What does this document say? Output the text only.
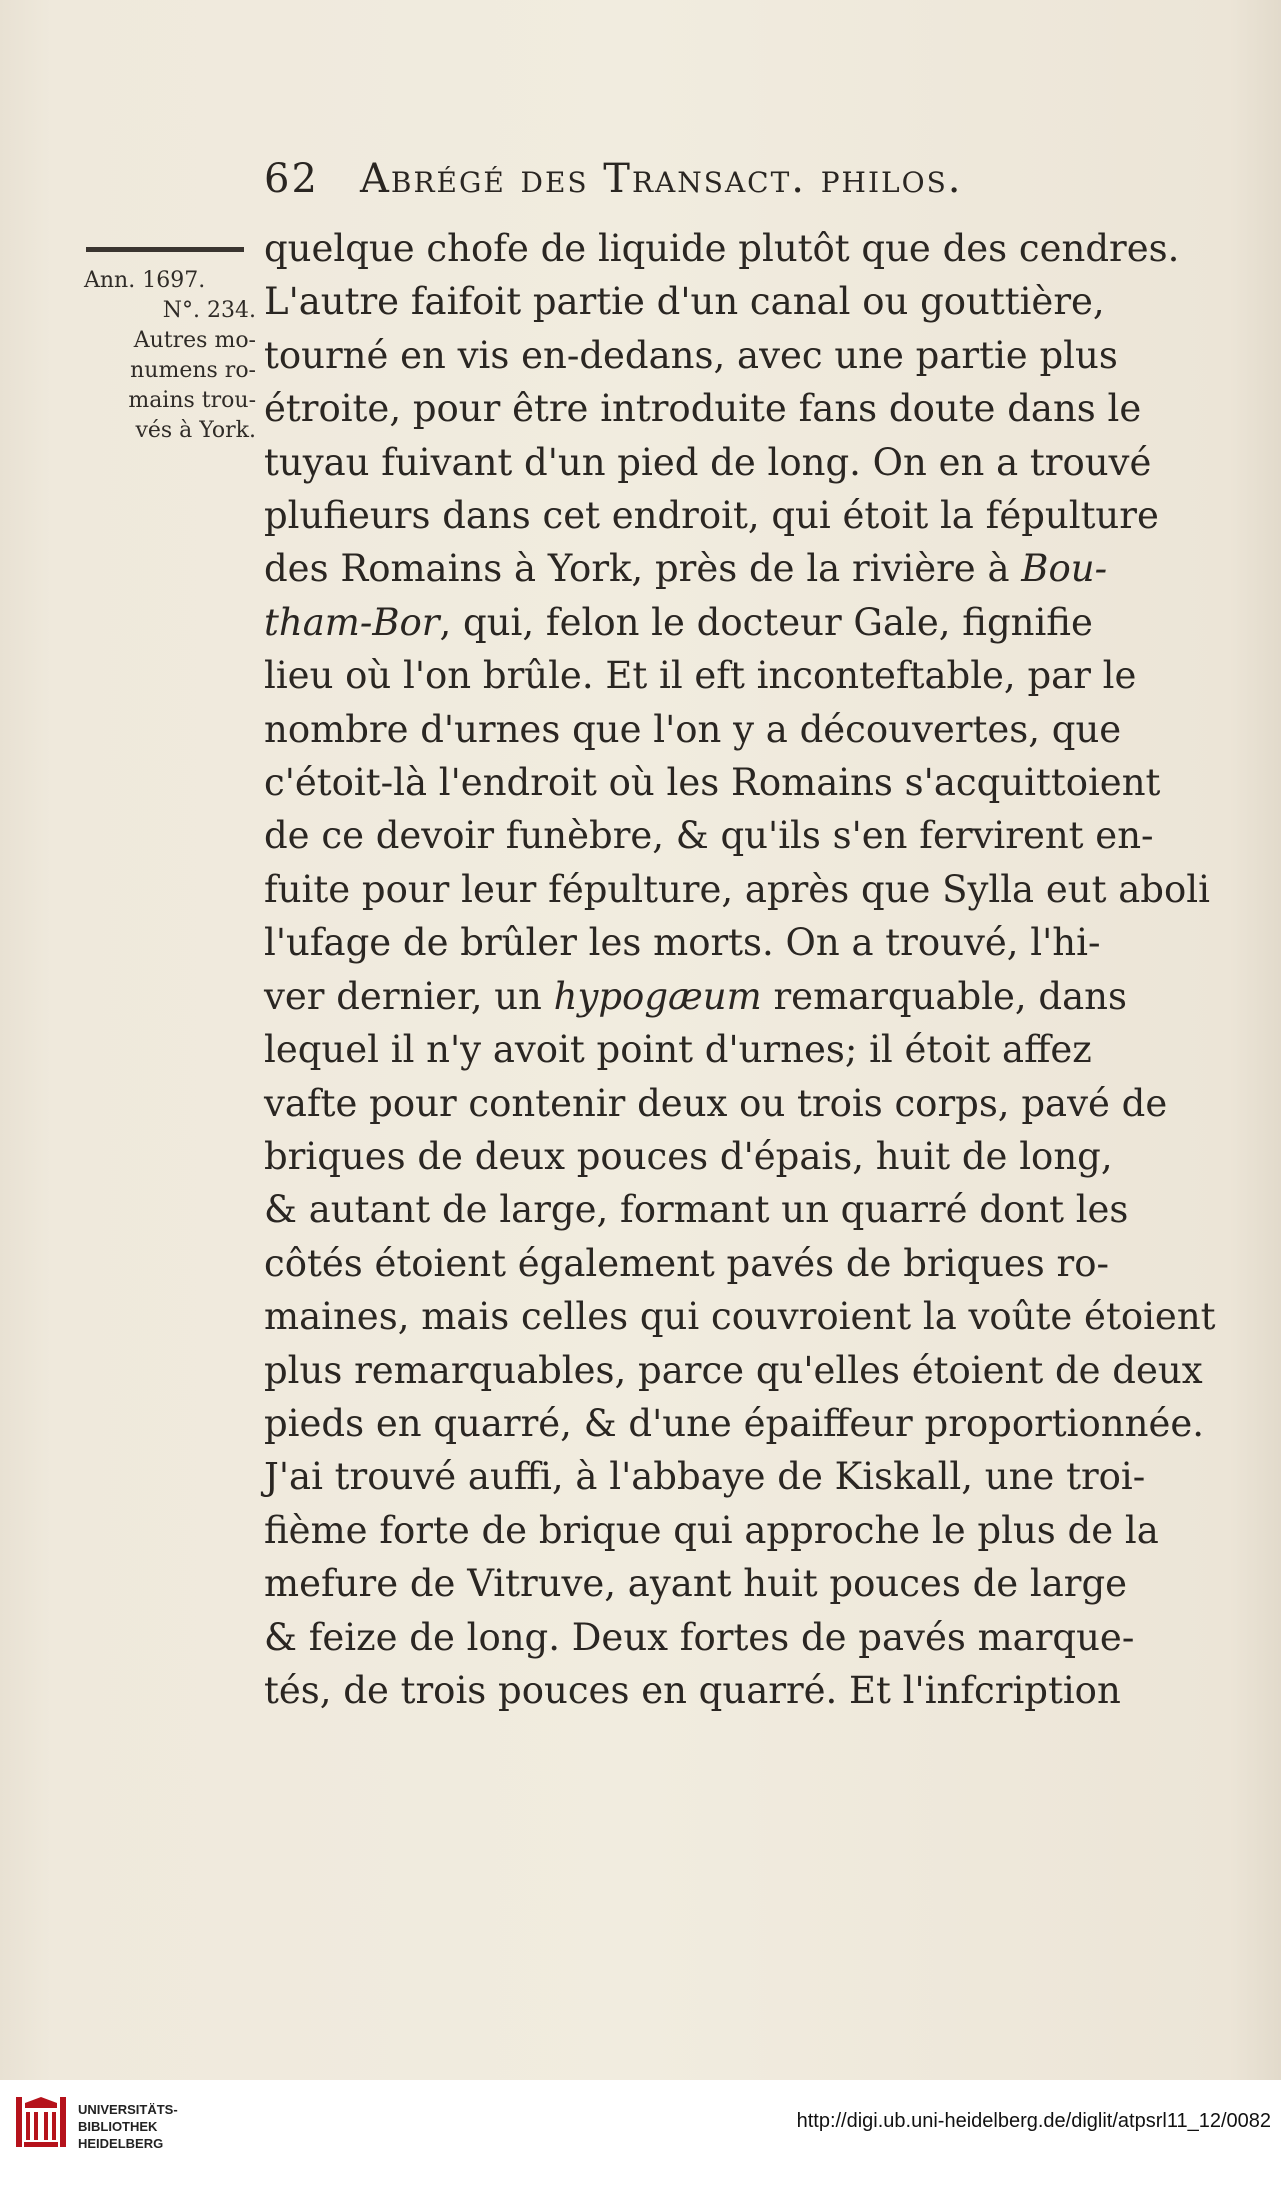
62 Abrégé des Transact. philos.
Ann. 1697.
N°. 234.
Autres mo-
numens ro-
mains trou-
vés à York.
quelque chofe de liquide plutôt que des cendres.
L'autre faifoit partie d'un canal ou gouttière,
tourné en vis en-dedans, avec une partie plus
étroite, pour être introduite fans doute dans le
tuyau fuivant d'un pied de long. On en a trouvé
plufieurs dans cet endroit, qui étoit la fépulture
des Romains à York, près de la rivière à Bou-
tham-Bor, qui, felon le docteur Gale, fignifie
lieu où l'on brûle. Et il eft inconteftable, par le
nombre d'urnes que l'on y a découvertes, que
c'étoit-là l'endroit où les Romains s'acquittoient
de ce devoir funèbre, & qu'ils s'en fervirent en-
fuite pour leur fépulture, après que Sylla eut aboli
l'ufage de brûler les morts. On a trouvé, l'hi-
ver dernier, un hypogæum remarquable, dans
lequel il n'y avoit point d'urnes; il étoit affez
vafte pour contenir deux ou trois corps, pavé de
briques de deux pouces d'épais, huit de long,
& autant de large, formant un quarré dont les
côtés étoient également pavés de briques ro-
maines, mais celles qui couvroient la voûte étoient
plus remarquables, parce qu'elles étoient de deux
pieds en quarré, & d'une épaiffeur proportionnée.
J'ai trouvé auffi, à l'abbaye de Kiskall, une troi-
fième forte de brique qui approche le plus de la
mefure de Vitruve, ayant huit pouces de large
& feize de long. Deux fortes de pavés marque-
tés, de trois pouces en quarré. Et l'infcription
UNIVERSITÄTS-
BIBLIOTHEK
HEIDELBERG
http://digi.ub.uni-heidelberg.de/diglit/atpsrl11_12/0082
